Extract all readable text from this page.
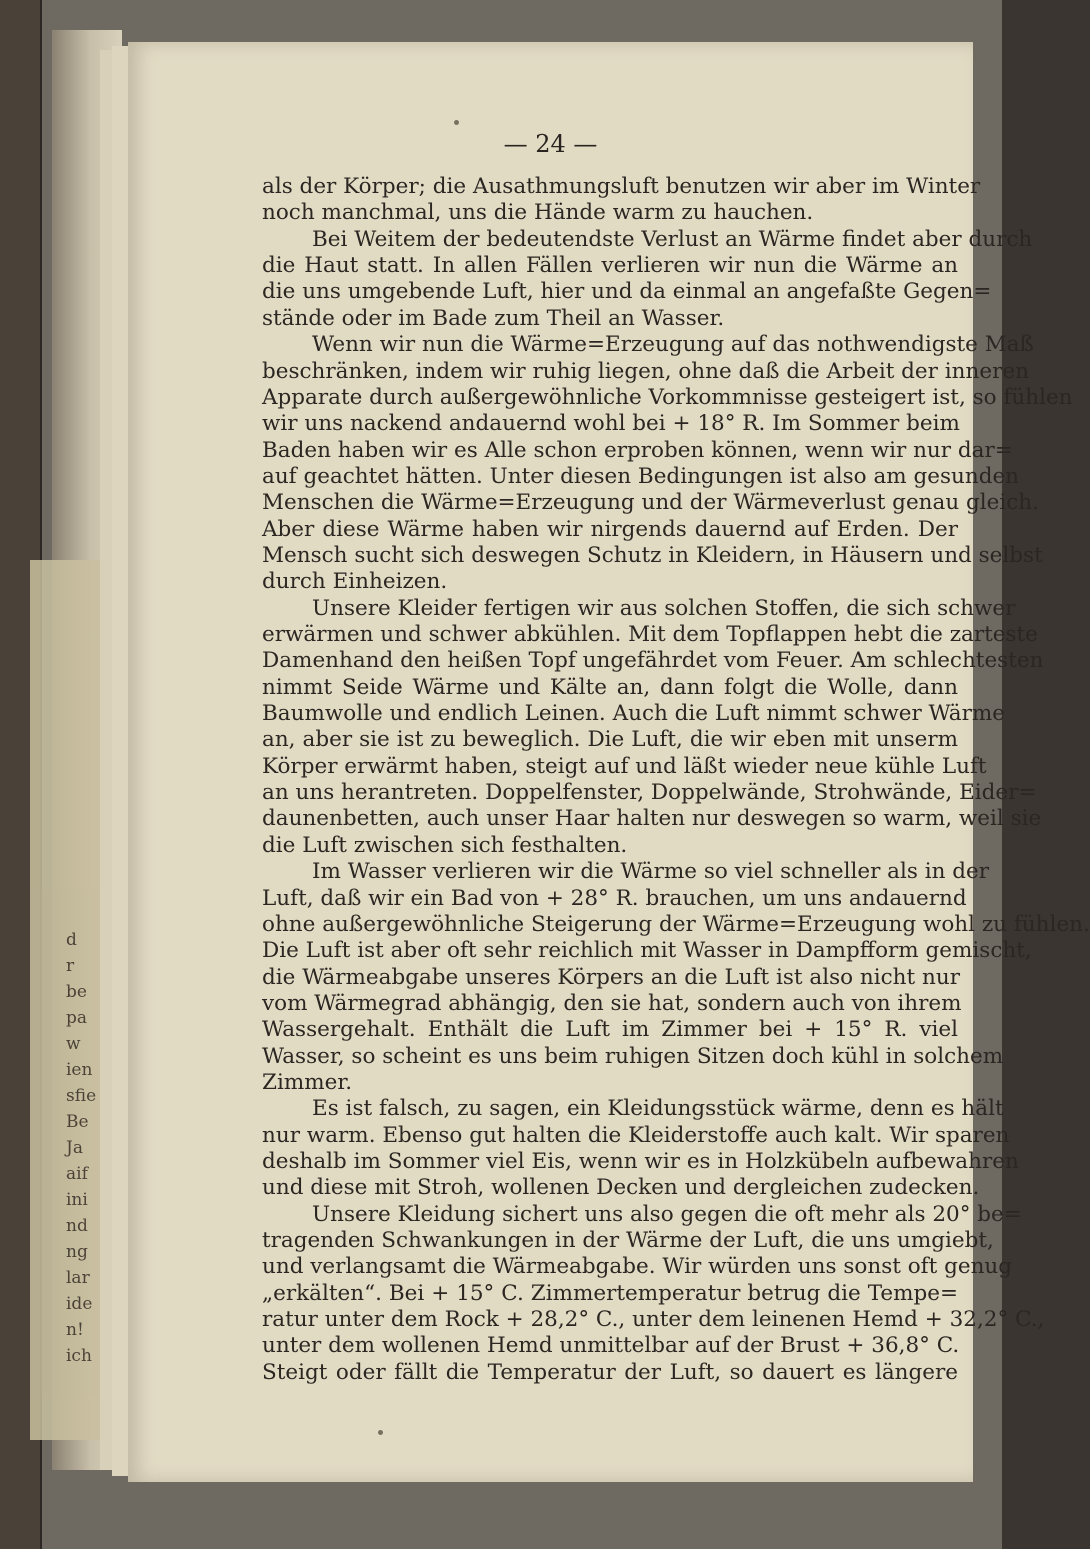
d
r
be
pa
w
ien
sfie
Be
Ja
aif
ini
nd
ng
lar
ide
n!
ich
— 24 —
als der Körper; die Ausathmungsluft benutzen wir aber im Winter
noch manchmal, uns die Hände warm zu hauchen.
Bei Weitem der bedeutendste Verlust an Wärme findet aber durch
die Haut statt. In allen Fällen verlieren wir nun die Wärme an
die uns umgebende Luft, hier und da einmal an angefaßte Gegen=
stände oder im Bade zum Theil an Wasser.
Wenn wir nun die Wärme=Erzeugung auf das nothwendigste Maß
beschränken, indem wir ruhig liegen, ohne daß die Arbeit der inneren
Apparate durch außergewöhnliche Vorkommnisse gesteigert ist, so fühlen
wir uns nackend andauernd wohl bei + 18° R. Im Sommer beim
Baden haben wir es Alle schon erproben können, wenn wir nur dar=
auf geachtet hätten. Unter diesen Bedingungen ist also am gesunden
Menschen die Wärme=Erzeugung und der Wärmeverlust genau gleich.
Aber diese Wärme haben wir nirgends dauernd auf Erden. Der
Mensch sucht sich deswegen Schutz in Kleidern, in Häusern und selbst
durch Einheizen.
Unsere Kleider fertigen wir aus solchen Stoffen, die sich schwer
erwärmen und schwer abkühlen. Mit dem Topflappen hebt die zarteste
Damenhand den heißen Topf ungefährdet vom Feuer. Am schlechtesten
nimmt Seide Wärme und Kälte an, dann folgt die Wolle, dann
Baumwolle und endlich Leinen. Auch die Luft nimmt schwer Wärme
an, aber sie ist zu beweglich. Die Luft, die wir eben mit unserm
Körper erwärmt haben, steigt auf und läßt wieder neue kühle Luft
an uns herantreten. Doppelfenster, Doppelwände, Strohwände, Eider=
daunenbetten, auch unser Haar halten nur deswegen so warm, weil sie
die Luft zwischen sich festhalten.
Im Wasser verlieren wir die Wärme so viel schneller als in der
Luft, daß wir ein Bad von + 28° R. brauchen, um uns andauernd
ohne außergewöhnliche Steigerung der Wärme=Erzeugung wohl zu fühlen.
Die Luft ist aber oft sehr reichlich mit Wasser in Dampfform gemischt,
die Wärmeabgabe unseres Körpers an die Luft ist also nicht nur
vom Wärmegrad abhängig, den sie hat, sondern auch von ihrem
Wassergehalt. Enthält die Luft im Zimmer bei + 15° R. viel
Wasser, so scheint es uns beim ruhigen Sitzen doch kühl in solchem
Zimmer.
Es ist falsch, zu sagen, ein Kleidungsstück wärme, denn es hält
nur warm. Ebenso gut halten die Kleiderstoffe auch kalt. Wir sparen
deshalb im Sommer viel Eis, wenn wir es in Holzkübeln aufbewahren
und diese mit Stroh, wollenen Decken und dergleichen zudecken.
Unsere Kleidung sichert uns also gegen die oft mehr als 20° be=
tragenden Schwankungen in der Wärme der Luft, die uns umgiebt,
und verlangsamt die Wärmeabgabe. Wir würden uns sonst oft genug
„erkälten“. Bei + 15° C. Zimmertemperatur betrug die Tempe=
ratur unter dem Rock + 28,2° C., unter dem leinenen Hemd + 32,2° C.,
unter dem wollenen Hemd unmittelbar auf der Brust + 36,8° C.
Steigt oder fällt die Temperatur der Luft, so dauert es längere
